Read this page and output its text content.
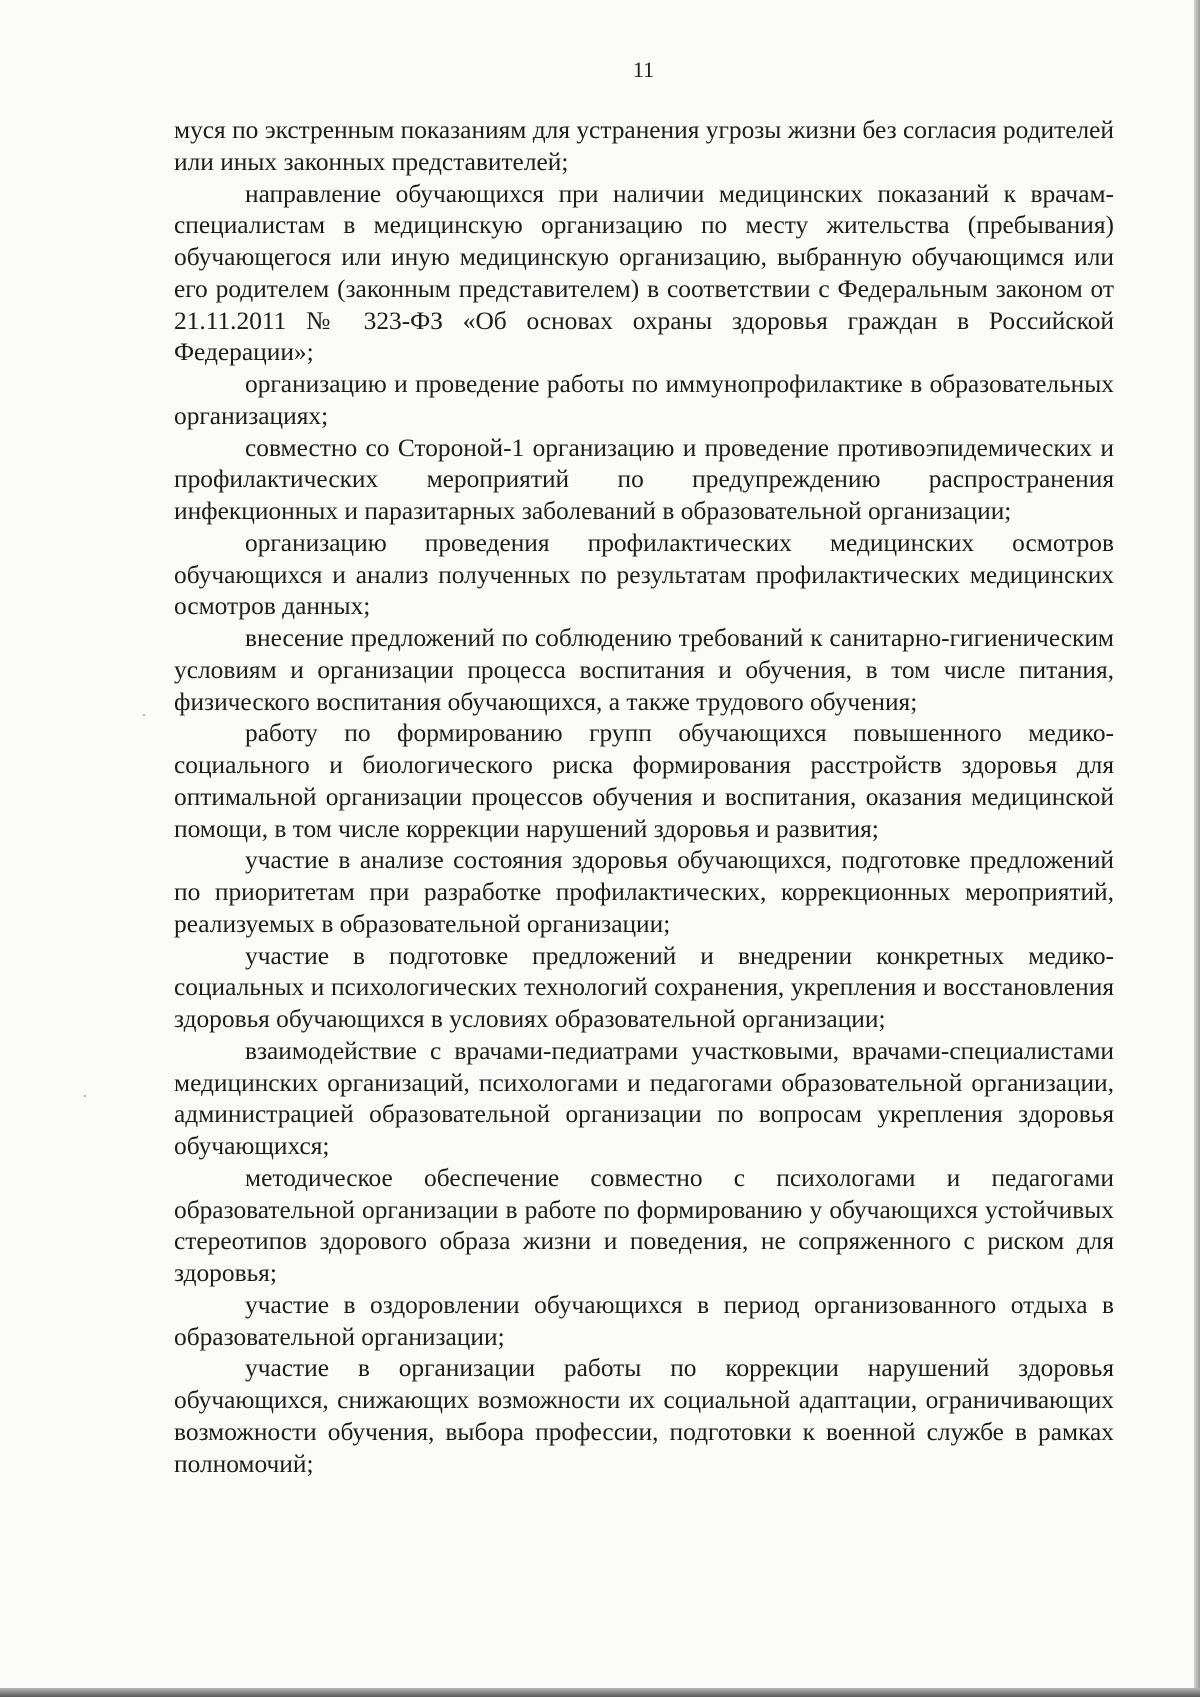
11

муся по экстренным показаниям для устранения угрозы жизни без согласия родителей или иных законных представителей;

направление обучающихся при наличии медицинских показаний к врачам-специалистам в медицинскую организацию по месту жительства (пребывания) обучающегося или иную медицинскую организацию, выбранную обучающимся или его родителем (законным представителем) в соответствии с Федеральным законом от 21.11.2011 № 323-ФЗ «Об основах охраны здоровья граждан в Российской Федерации»;

организацию и проведение работы по иммунопрофилактике в образовательных организациях;

совместно со Стороной-1 организацию и проведение противоэпидемических и профилактических мероприятий по предупреждению распространения инфекционных и паразитарных заболеваний в образовательной организации;

организацию проведения профилактических медицинских осмотров обучающихся и анализ полученных по результатам профилактических медицинских осмотров данных;

внесение предложений по соблюдению требований к санитарно-гигиеническим условиям и организации процесса воспитания и обучения, в том числе питания, физического воспитания обучающихся, а также трудового обучения;

работу по формированию групп обучающихся повышенного медико-социального и биологического риска формирования расстройств здоровья для оптимальной организации процессов обучения и воспитания, оказания медицинской помощи, в том числе коррекции нарушений здоровья и развития;

участие в анализе состояния здоровья обучающихся, подготовке предложений по приоритетам при разработке профилактических, коррекционных мероприятий, реализуемых в образовательной организации;

участие в подготовке предложений и внедрении конкретных медико-социальных и психологических технологий сохранения, укрепления и восстановления здоровья обучающихся в условиях образовательной организации;

взаимодействие с врачами-педиатрами участковыми, врачами-специалистами медицинских организаций, психологами и педагогами образовательной организации, администрацией образовательной организации по вопросам укрепления здоровья обучающихся;

методическое обеспечение совместно с психологами и педагогами образовательной организации в работе по формированию у обучающихся устойчивых стереотипов здорового образа жизни и поведения, не сопряженного с риском для здоровья;

участие в оздоровлении обучающихся в период организованного отдыха в образовательной организации;

участие в организации работы по коррекции нарушений здоровья обучающихся, снижающих возможности их социальной адаптации, ограничивающих возможности обучения, выбора профессии, подготовки к военной службе в рамках полномочий;
